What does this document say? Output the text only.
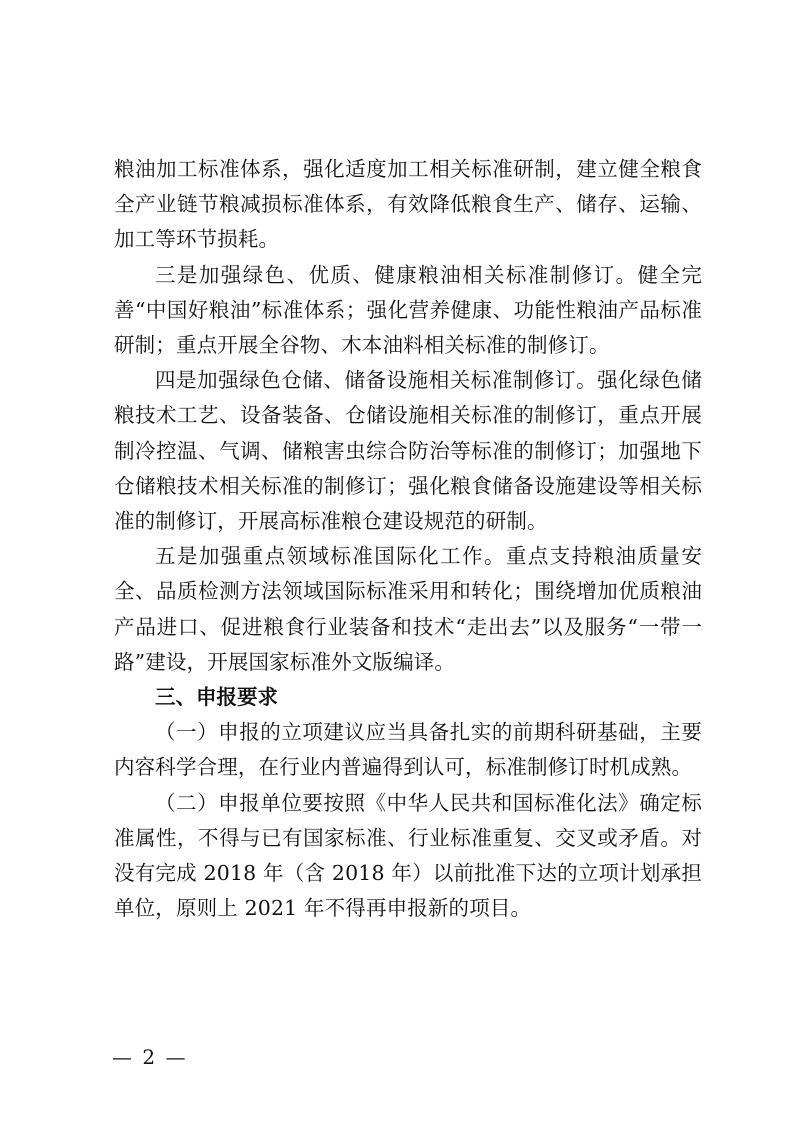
粮油加工标准体系，强化适度加工相关标准研制，建立健全粮食全产业链节粮减损标准体系，有效降低粮食生产、储存、运输、加工等环节损耗。

三是加强绿色、优质、健康粮油相关标准制修订。健全完善“中国好粮油”标准体系；强化营养健康、功能性粮油产品标准研制；重点开展全谷物、木本油料相关标准的制修订。

四是加强绿色仓储、储备设施相关标准制修订。强化绿色储粮技术工艺、设备装备、仓储设施相关标准的制修订，重点开展制冷控温、气调、储粮害虫综合防治等标准的制修订；加强地下仓储粮技术相关标准的制修订；强化粮食储备设施建设等相关标准的制修订，开展高标准粮仓建设规范的研制。

五是加强重点领域标准国际化工作。重点支持粮油质量安全、品质检测方法领域国际标准采用和转化；围绕增加优质粮油产品进口、促进粮食行业装备和技术“走出去”以及服务“一带一路”建设，开展国家标准外文版编译。

三、申报要求

（一）申报的立项建议应当具备扎实的前期科研基础，主要内容科学合理，在行业内普遍得到认可，标准制修订时机成熟。

（二）申报单位要按照《中华人民共和国标准化法》确定标准属性，不得与已有国家标准、行业标准重复、交叉或矛盾。对没有完成 2018 年（含 2018 年）以前批准下达的立项计划承担单位，原则上 2021 年不得再申报新的项目。

— 2 —
